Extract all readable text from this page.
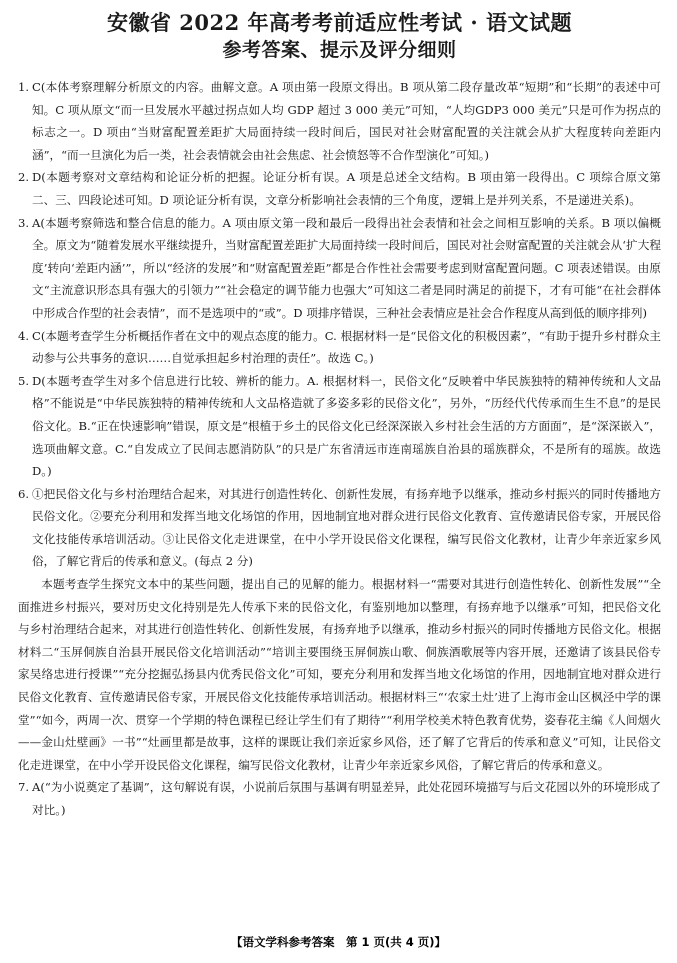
安徽省 2022 年高考考前适应性考试 · 语文试题
参考答案、提示及评分细则

1. C(本体考察理解分析原文的内容。曲解文意。A 项由第一段原文得出。B 项从第二段存量改革“短期”和“长期”的表述中可知。C 项从原文“而一旦发展水平越过拐点如人均 GDP 超过 3 000 美元”可知，“人均GDP3 000 美元”只是可作为拐点的标志之一。D 项由“当财富配置差距扩大局面持续一段时间后，国民对社会财富配置的关注就会从扩大程度转向差距内涵”，“而一旦演化为后一类，社会表情就会由社会焦虑、社会愤怒等不合作型演化”可知。)

2. D(本题考察对文章结构和论证分析的把握。论证分析有误。A 项是总述全文结构。B 项由第一段得出。C 项综合原文第二、三、四段论述可知。D 项论证分析有误，文章分析影响社会表情的三个角度，逻辑上是并列关系，不是递进关系)。

3. A(本题考察筛选和整合信息的能力。A 项由原文第一段和最后一段得出社会表情和社会之间相互影响的关系。B 项以偏概全。原文为“随着发展水平继续提升，当财富配置差距扩大局面持续一段时间后，国民对社会财富配置的关注就会从‘扩大程度’转向‘差距内涵’”，所以“经济的发展”和“财富配置差距”都是合作性社会需要考虑到财富配置问题。C 项表述错误。由原文“主流意识形态具有强大的引领力”“社会稳定的调节能力也强大”可知这二者是同时满足的前提下，才有可能“在社会群体中形成合作型的社会表情”，而不是选项中的“或”。D 项排序错误，三种社会表情应是社会合作程度从高到低的顺序排列)

4. C(本题考查学生分析概括作者在文中的观点态度的能力。C. 根据材料一是“民俗文化的积极因素”，“有助于提升乡村群众主动参与公共事务的意识……自觉承担起乡村治理的责任”。故选 C。)

5. D(本题考查学生对多个信息进行比较、辨析的能力。A. 根据材料一，民俗文化“反映着中华民族独特的精神传统和人文品格”不能说是“中华民族独特的精神传统和人文品格造就了多姿多彩的民俗文化”，另外，“历经代代传承而生生不息”的是民俗文化。B.“正在快速影响”错误，原文是“根植于乡土的民俗文化已经深深嵌入乡村社会生活的方方面面”，是“深深嵌入”，选项曲解文意。C.“自发成立了民间志愿消防队”的只是广东省清远市连南瑶族自治县的瑶族群众，不是所有的瑶族。故选 D。)

6. ①把民俗文化与乡村治理结合起来，对其进行创造性转化、创新性发展，有扬弃地予以继承，推动乡村振兴的同时传播地方民俗文化。②要充分利用和发挥当地文化场馆的作用，因地制宜地对群众进行民俗文化教育、宣传邀请民俗专家，开展民俗文化技能传承培训活动。③让民俗文化走进课堂，在中小学开设民俗文化课程，编写民俗文化教材，让青少年亲近家乡风俗，了解它背后的传承和意义。(每点 2 分)

本题考查学生探究文本中的某些问题，提出自己的见解的能力。根据材料一“需要对其进行创造性转化、创新性发展”“全面推进乡村振兴，要对历史文化持别是先人传承下来的民俗文化，有鉴别地加以整理，有扬弃地予以继承”可知，把民俗文化与乡村治理结合起来，对其进行创造性转化、创新性发展，有扬弃地予以继承，推动乡村振兴的同时传播地方民俗文化。根据材料二“玉屏侗族自治县开展民俗文化培训活动”“培训主要围绕玉屏侗族山歌、侗族酒歌展等内容开展，还邀请了该县民俗专家吴络忠进行授课”“充分挖掘弘扬县内优秀民俗文化”可知，要充分利用和发挥当地文化场馆的作用，因地制宜地对群众进行民俗文化教育、宣传邀请民俗专家，开展民俗文化技能传承培训活动。根据材料三“‘农家土灶’进了上海市金山区枫泾中学的课堂”“如今，两周一次、贯穿一个学期的特色课程已经让学生们有了期待”“利用学校美术特色教育优势，姿春花主编《人间烟火——金山灶壁画》一书”“灶画里都是故事，这样的课既让我们亲近家乡风俗，还了解了它背后的传承和意义”可知，让民俗文化走进课堂，在中小学开设民俗文化课程，编写民俗文化教材，让青少年亲近家乡风俗，了解它背后的传承和意义。

7. A(“为小说奠定了基调”，这句解说有误，小说前后氛围与基调有明显差异，此处花园环境描写与后文花园以外的环境形成了对比。)

【语文学科参考答案　第 1 页(共 4 页)】
